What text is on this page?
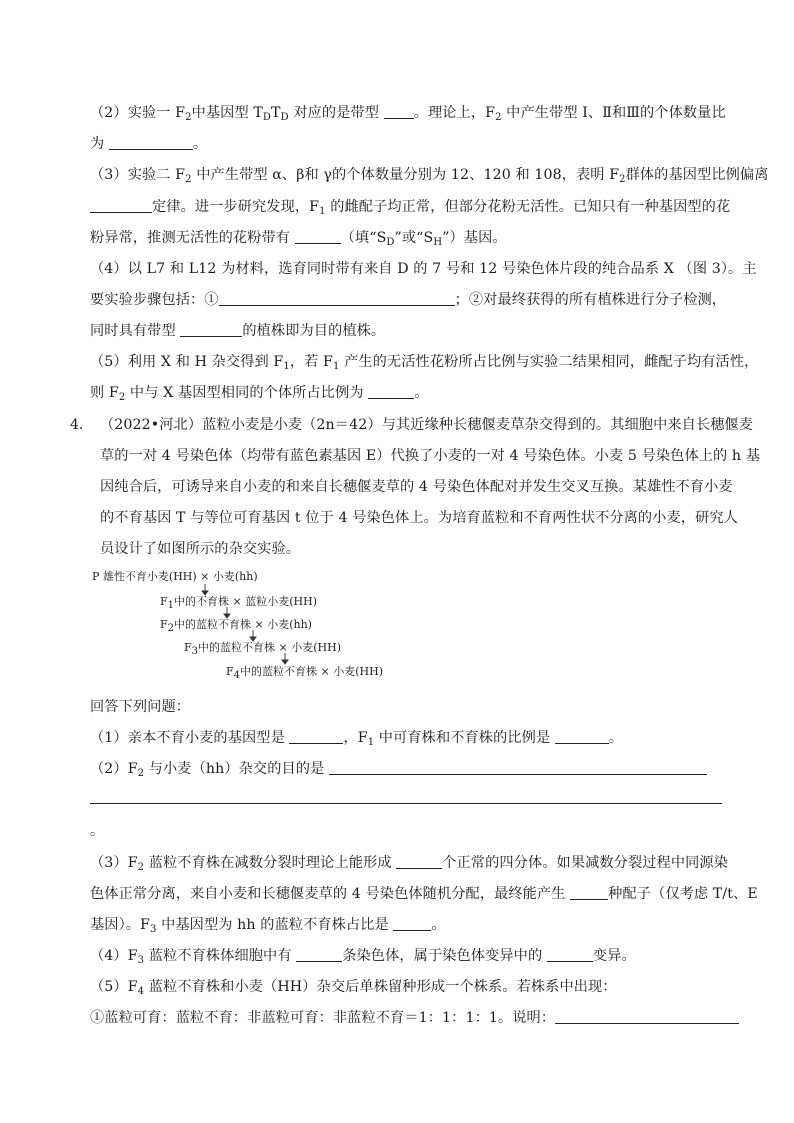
（2）实验一 $F_2$中基因型 $T_DT_D$ 对应的是带型 。理论上，$F_2$ 中产生带型 Ⅰ、Ⅱ和Ⅲ的个体数量比
为	。
（3）实验二 $F_2$ 中产生带型 α、β和 γ的个体数量分别为 12、120 和 108，表明 $F_2$群体的基因型比例偏离
定律。进一步研究发现，$F_1$ 的雌配子均正常，但部分花粉无活性。已知只有一种基因型的花
粉异常，推测无活性的花粉带有	（填“$S_D$”或“$S_H$”）基因。
（4）以 L7 和 L12 为材料，选育同时带有来自 D 的 7 号和 12 号染色体片段的纯合品系 X （图 3）。主
要实验步骤包括：①	；②对最终获得的所有植株进行分子检测，
同时具有带型	的植株即为目的植株。
（5）利用 X 和 H 杂交得到 $F_1$，若 $F_1$ 产生的无活性花粉所占比例与实验二结果相同，雌配子均有活性，
则 $F_2$ 中与 X 基因型相同的个体所占比例为	。
4. （2022•河北）蓝粒小麦是小麦（2n＝42）与其近缘种长穗偃麦草杂交得到的。其细胞中来自长穗偃麦
草的一对 4 号染色体（均带有蓝色素基因 E）代换了小麦的一对 4 号染色体。小麦 5 号染色体上的 h 基
因纯合后，可诱导来自小麦的和来自长穗偃麦草的 4 号染色体配对并发生交叉互换。某雄性不育小麦
的不育基因 T 与等位可育基因 t 位于 4 号染色体上。为培育蓝粒和不育两性状不分离的小麦，研究人
员设计了如图所示的杂交实验。
P 雄性不育小麦(HH) × 小麦(hh)
$F_1$中的不育株 × 蓝粒小麦(HH)
$F_2$中的蓝粒不育株 × 小麦(hh)
$F_3$中的蓝粒不育株 × 小麦(HH)
$F_4$中的蓝粒不育株 × 小麦(HH)
回答下列问题：
（1）亲本不育小麦的基因型是	，$F_1$ 中可育株和不育株的比例是	。
$(2)F_2$ 与小麦（hh）杂交的目的是
。
$(3)F_2$ 蓝粒不育株在减数分裂时理论上能形成	个正常的四分体。如果减数分裂过程中同源染
色体正常分离，来自小麦和长穗偃麦草的 4 号染色体随机分配，最终能产生	种配子（仅考虑 T/t、E
基因）。$F_3$ 中基因型为 hh 的蓝粒不育株占比是	。
$(4)F_3$ 蓝粒不育株体细胞中有	条染色体，属于染色体变异中的	变异。
$(5)F_4$ 蓝粒不育株和小麦（HH）杂交后单株留种形成一个株系。若株系中出现：
①蓝粒可育：蓝粒不育：非蓝粒可育：非蓝粒不育＝1：1：1：1。说明：
